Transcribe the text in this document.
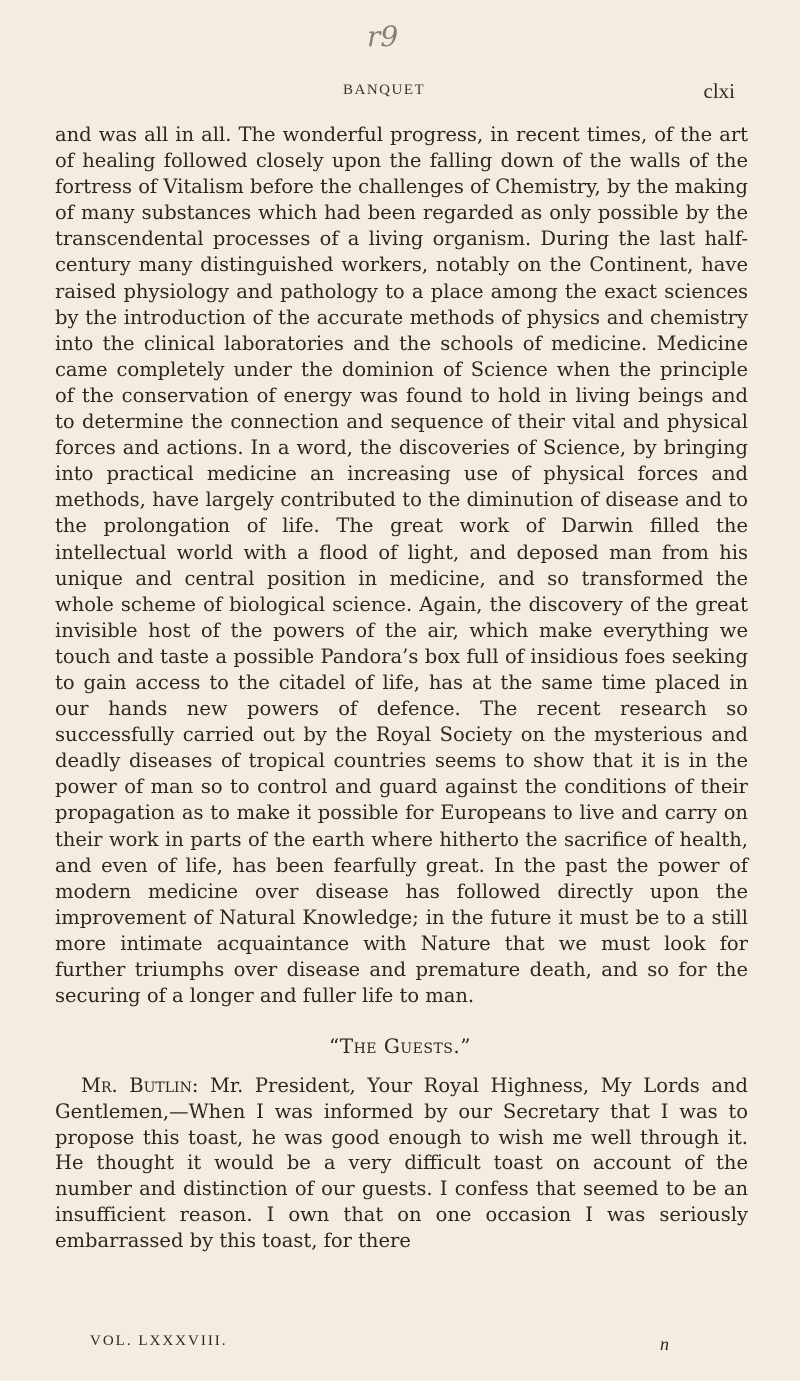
r9
BANQUET	clxi

and was all in all. The wonderful progress, in recent times, of the art of healing followed closely upon the falling down of the walls of the fortress of Vitalism before the challenges of Chemistry, by the making of many substances which had been regarded as only possible by the transcendental processes of a living organism. During the last half-century many distinguished workers, notably on the Continent, have raised physiology and pathology to a place among the exact sciences by the introduction of the accurate methods of physics and chemistry into the clinical laboratories and the schools of medicine. Medicine came completely under the dominion of Science when the principle of the conservation of energy was found to hold in living beings and to determine the connection and sequence of their vital and physical forces and actions. In a word, the discoveries of Science, by bringing into practical medicine an increasing use of physical forces and methods, have largely contributed to the diminution of disease and to the prolongation of life. The great work of Darwin filled the intellectual world with a flood of light, and deposed man from his unique and central position in medicine, and so transformed the whole scheme of biological science. Again, the discovery of the great invisible host of the powers of the air, which make everything we touch and taste a possible Pandora’s box full of insidious foes seeking to gain access to the citadel of life, has at the same time placed in our hands new powers of defence. The recent research so successfully carried out by the Royal Society on the mysterious and deadly diseases of tropical countries seems to show that it is in the power of man so to control and guard against the conditions of their propagation as to make it possible for Europeans to live and carry on their work in parts of the earth where hitherto the sacrifice of health, and even of life, has been fearfully great. In the past the power of modern medicine over disease has followed directly upon the improvement of Natural Knowledge; in the future it must be to a still more intimate acquaintance with Nature that we must look for further triumphs over disease and premature death, and so for the securing of a longer and fuller life to man.

“The Guests.”
Mr. Butlin: Mr. President, Your Royal Highness, My Lords and Gentlemen,—When I was informed by our Secretary that I was to propose this toast, he was good enough to wish me well through it. He thought it would be a very difficult toast on account of the number and distinction of our guests. I confess that seemed to be an insufficient reason. I own that on one occasion I was seriously embarrassed by this toast, for there
VOL. LXXXVIII.	n
